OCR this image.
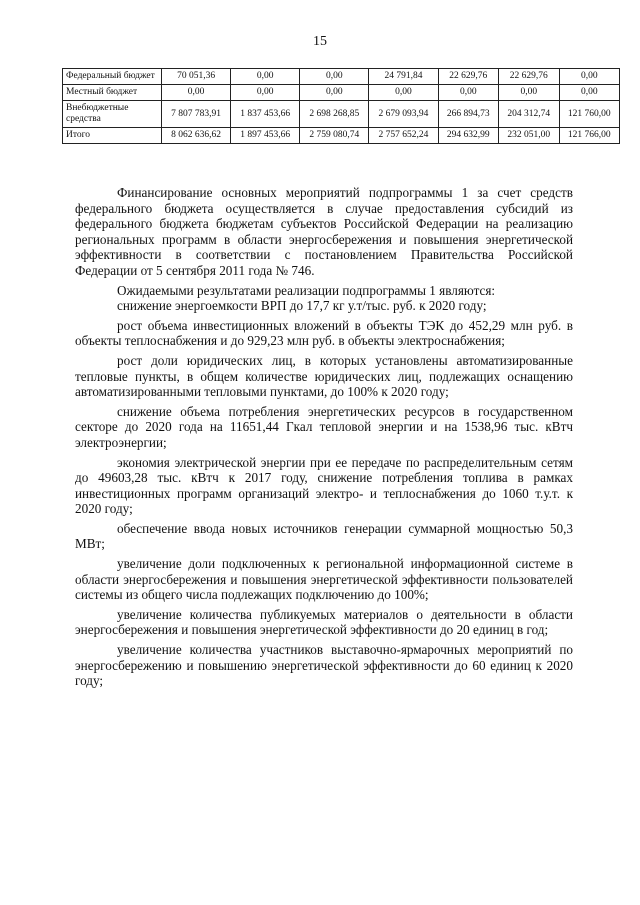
15
Федеральный бюджет	70 051,36	0,00	0,00	24 791,84	22 629,76	22 629,76	0,00
Местный бюджет	0,00	0,00	0,00	0,00	0,00	0,00	0,00
Внебюджетные средства	7 807 783,91	1 837 453,66	2 698 268,85	2 679 093,94	266 894,73	204 312,74	121 760,00
Итого	8 062 636,62	1 897 453,66	2 759 080,74	2 757 652,24	294 632,99	232 051,00	121 766,00

Финансирование основных мероприятий подпрограммы 1 за счет средств федерального бюджета осуществляется в случае предоставления субсидий из федерального бюджета бюджетам субъектов Российской Федерации на реализацию региональных программ в области энергосбережения и повышения энергетической эффективности в соответствии с постановлением Правительства Российской Федерации от 5 сентября 2011 года № 746.

Ожидаемыми результатами реализации подпрограммы 1 являются:

снижение энергоемкости ВРП до 17,7 кг у.т/тыс. руб. к 2020 году;

рост объема инвестиционных вложений в объекты ТЭК до 452,29 млн руб. в объекты теплоснабжения и до 929,23 млн руб. в объекты электроснабжения;

рост доли юридических лиц, в которых установлены автоматизированные тепловые пункты, в общем количестве юридических лиц, подлежащих оснащению автоматизированными тепловыми пунктами, до 100% к 2020 году;

снижение объема потребления энергетических ресурсов в государственном секторе до 2020 года на 11651,44 Гкал тепловой энергии и на 1538,96 тыс. кВтч электроэнергии;

экономия электрической энергии при ее передаче по распределительным сетям до 49603,28 тыс. кВтч к 2017 году, снижение потребления топлива в рамках инвестиционных программ организаций электро- и теплоснабжения до 1060 т.у.т. к 2020 году;

обеспечение ввода новых источников генерации суммарной мощностью 50,3 МВт;

увеличение доли подключенных к региональной информационной системе в области энергосбережения и повышения энергетической эффективности пользователей системы из общего числа подлежащих подключению до 100%;

увеличение количества публикуемых материалов о деятельности в области энергосбережения и повышения энергетической эффективности до 20 единиц в год;

увеличение количества участников выставочно-ярмарочных мероприятий по энергосбережению и повышению энергетической эффективности до 60 единиц к 2020 году;
